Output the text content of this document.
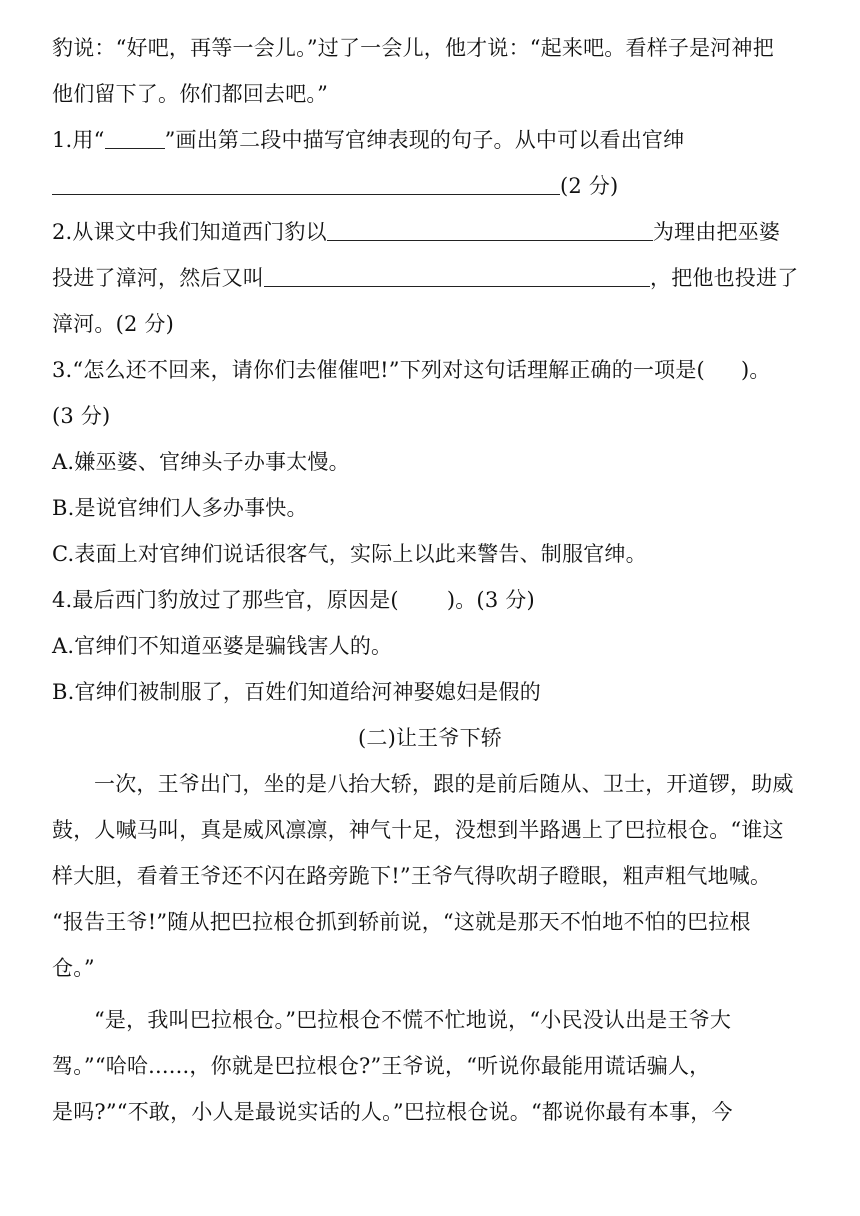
豹说：“好吧，再等一会儿。”过了一会儿，他才说：“起来吧。看样子是河神把
他们留下了。你们都回去吧。”
1.用“	”画出第二段中描写官绅表现的句子。从中可以看出官绅
(2 分)
2.从课文中我们知道西门豹以	为理由把巫婆
投进了漳河，然后又叫	，把他也投进了
漳河。(2 分)
3.“怎么还不回来，请你们去催催吧!”下列对这句话理解正确的一项是( )。
(3 分)
A.嫌巫婆、官绅头子办事太慢。
B.是说官绅们人多办事快。
C.表面上对官绅们说话很客气，实际上以此来警告、制服官绅。
4.最后西门豹放过了那些官，原因是( )。(3 分)
A.官绅们不知道巫婆是骗钱害人的。
B.官绅们被制服了，百姓们知道给河神娶媳妇是假的
(二)让王爷下轿
一次，王爷出门，坐的是八抬大轿，跟的是前后随从、卫士，开道锣，助威
鼓，人喊马叫，真是威风凛凛，神气十足，没想到半路遇上了巴拉根仓。“谁这
样大胆，看着王爷还不闪在路旁跪下!”王爷气得吹胡子瞪眼，粗声粗气地喊。
“报告王爷!”随从把巴拉根仓抓到轿前说，“这就是那天不怕地不怕的巴拉根
仓。”
“是，我叫巴拉根仓。”巴拉根仓不慌不忙地说，“小民没认出是王爷大
驾。”“哈哈......，你就是巴拉根仓?”王爷说，“听说你最能用谎话骗人，
是吗?”“不敢，小人是最说实话的人。”巴拉根仓说。“都说你最有本事，今
